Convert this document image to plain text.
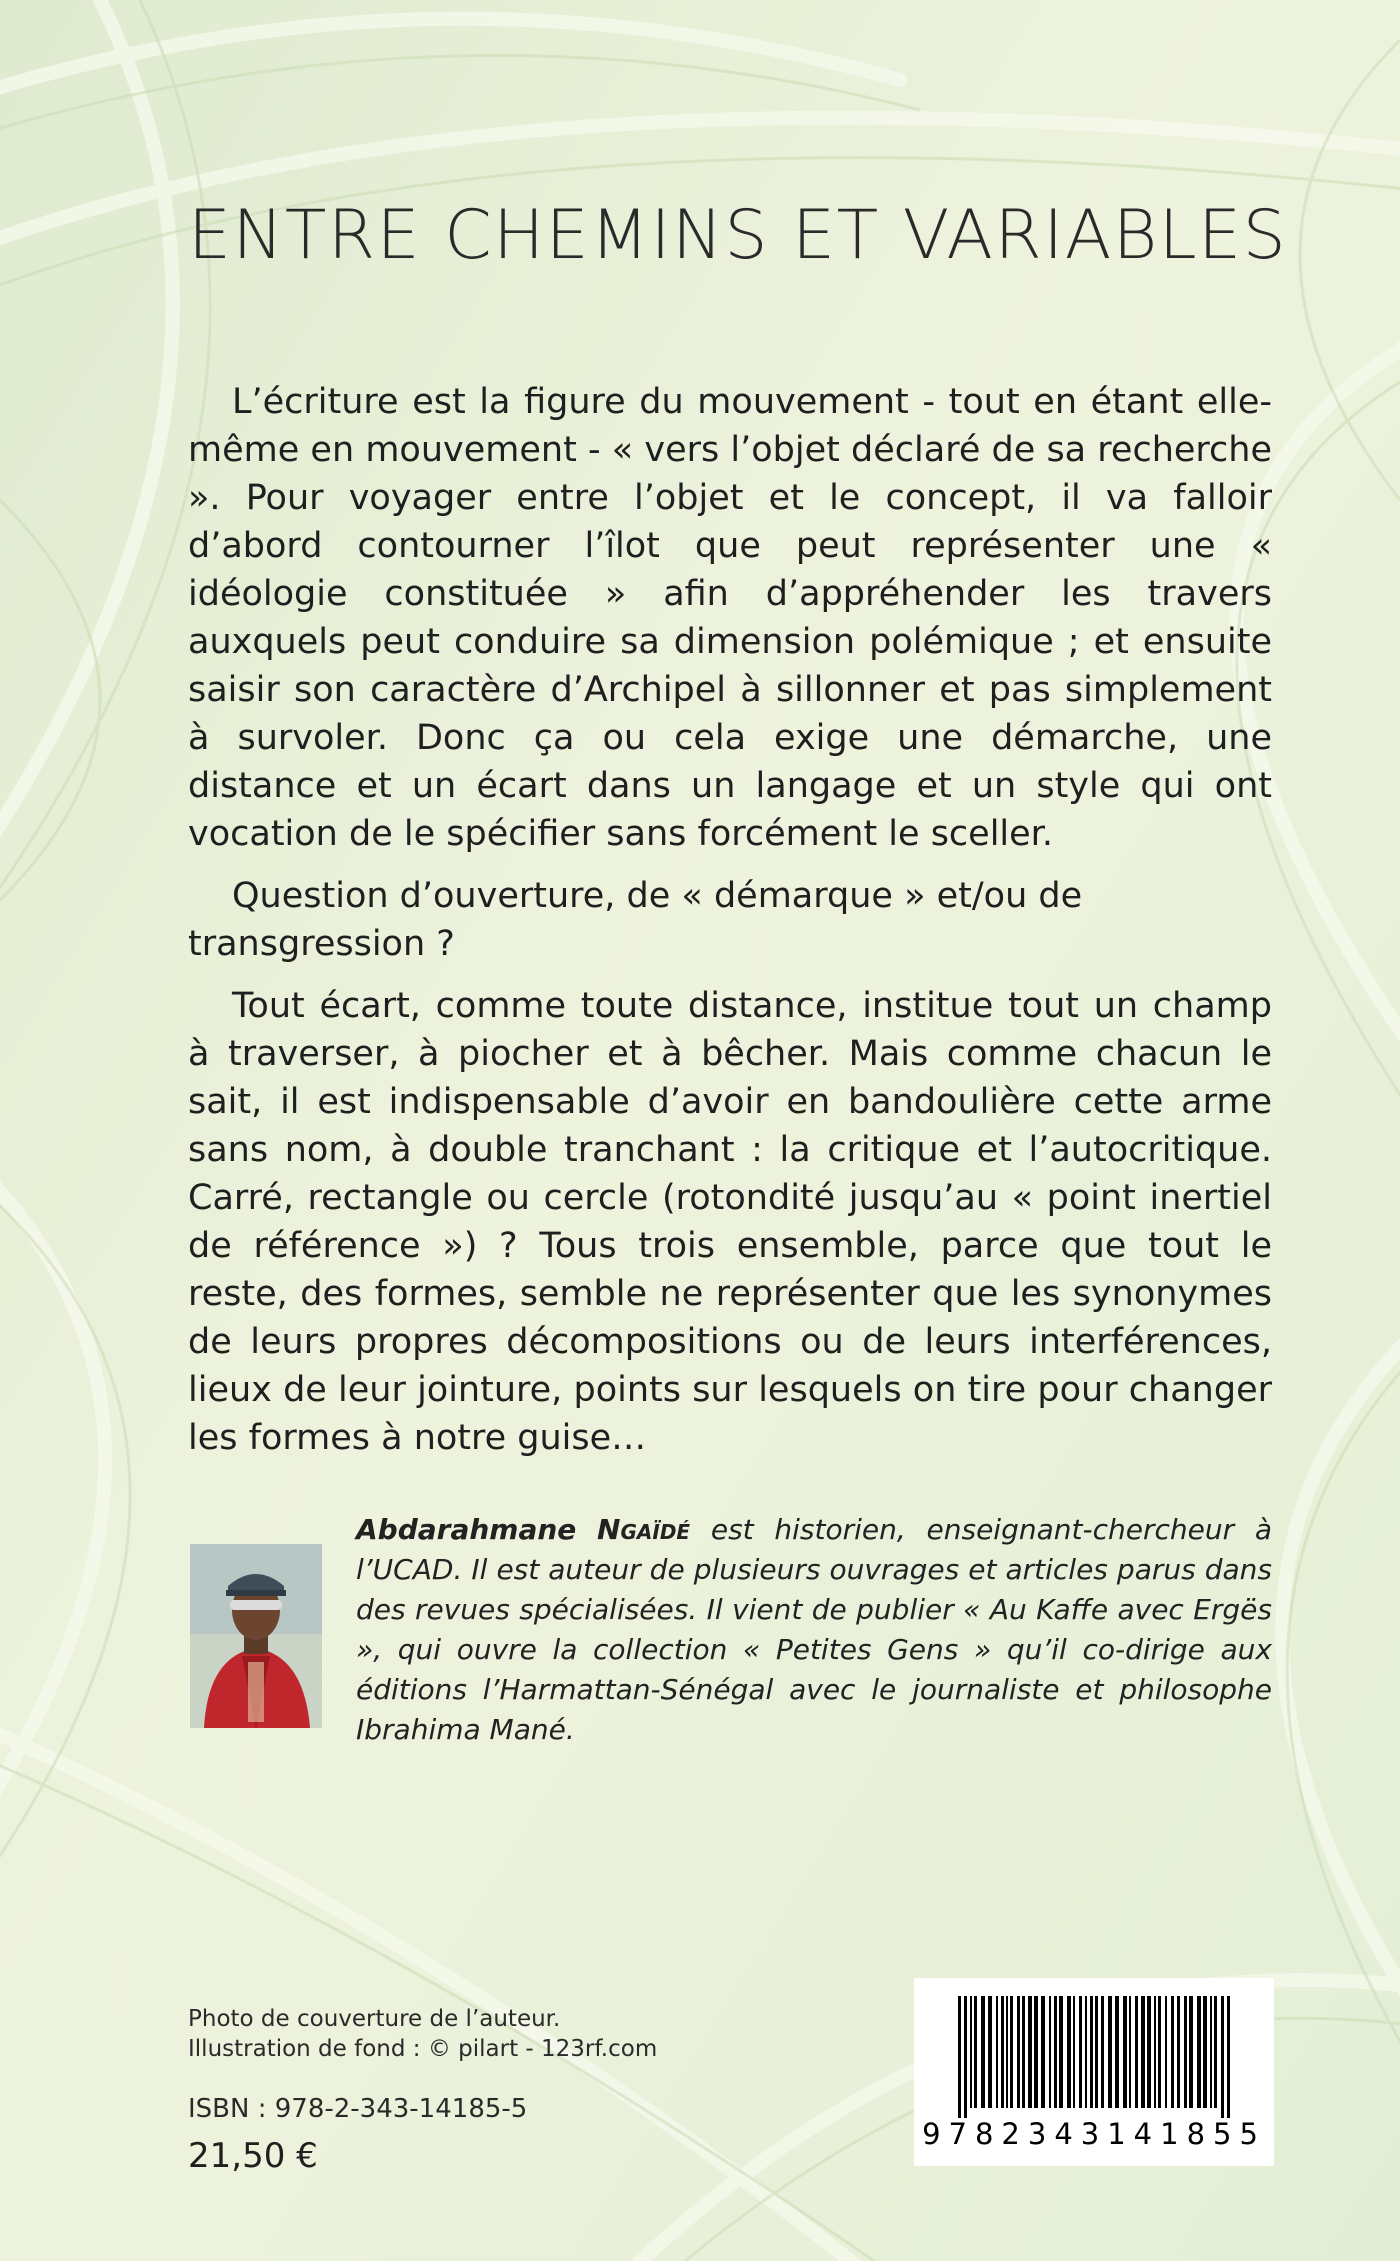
ENTRE CHEMINS ET VARIABLES

L’écriture est la figure du mouvement - tout en étant elle-même en mouvement - « vers l’objet déclaré de sa recherche ». Pour voyager entre l’objet et le concept, il va falloir d’abord contourner l’îlot que peut représenter une « idéologie constituée » afin d’appréhender les travers auxquels peut conduire sa dimension polémique ; et ensuite saisir son caractère d’Archipel à sillonner et pas simplement à survoler. Donc ça ou cela exige une démarche, une distance et un écart dans un langage et un style qui ont vocation de le spécifier sans forcément le sceller.

Question d’ouverture, de « démarque » et/ou de transgression ?

Tout écart, comme toute distance, institue tout un champ à traverser, à piocher et à bêcher. Mais comme chacun le sait, il est indispensable d’avoir en bandoulière cette arme sans nom, à double tranchant : la critique et l’autocritique. Carré, rectangle ou cercle (rotondité jusqu’au « point inertiel de référence ») ? Tous trois ensemble, parce que tout le reste, des formes, semble ne représenter que les synonymes de leurs propres décompositions ou de leurs interférences, lieux de leur jointure, points sur lesquels on tire pour changer les formes à notre guise…

Abdarahmane Ngaïdé est historien, enseignant-chercheur à l’UCAD. Il est auteur de plusieurs ouvrages et articles parus dans des revues spécialisées. Il vient de publier « Au Kaffe avec Ergës », qui ouvre la collection « Petites Gens » qu’il co-dirige aux éditions l’Harmattan-Sénégal avec le journaliste et philosophe Ibrahima Mané.
Photo de couverture de l’auteur.
Illustration de fond : © pilart - 123rf.com
ISBN : 978-2-343-14185-5
21,50 €
9782343141855
